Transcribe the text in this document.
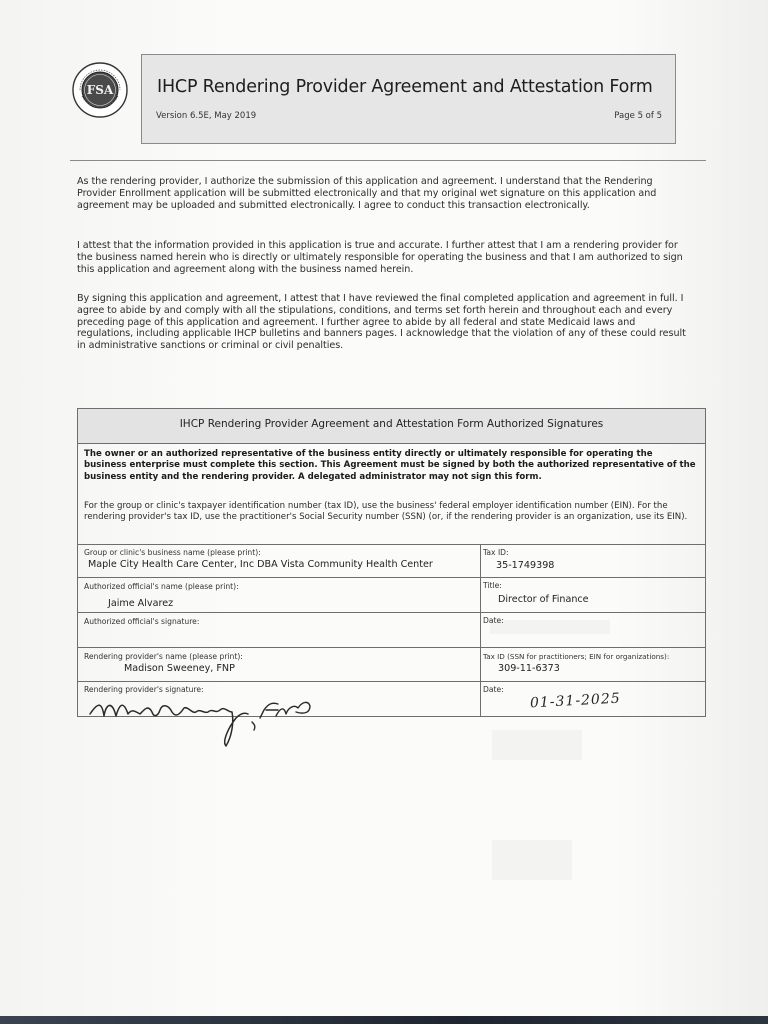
FSA	IHCP Rendering Provider Agreement and Attestation Form
Version 6.5E, May 2019	Page 5 of 5
As the rendering provider, I authorize the submission of this application and agreement. I understand that the Rendering Provider Enrollment application will be submitted electronically and that my original wet signature on this application and agreement may be uploaded and submitted electronically. I agree to conduct this transaction electronically.
I attest that the information provided in this application is true and accurate. I further attest that I am a rendering provider for the business named herein who is directly or ultimately responsible for operating the business and that I am authorized to sign this application and agreement along with the business named herein.
By signing this application and agreement, I attest that I have reviewed the final completed application and agreement in full. I agree to abide by and comply with all the stipulations, conditions, and terms set forth herein and throughout each and every preceding page of this application and agreement. I further agree to abide by all federal and state Medicaid laws and regulations, including applicable IHCP bulletins and banners pages. I acknowledge that the violation of any of these could result in administrative sanctions or criminal or civil penalties.
IHCP Rendering Provider Agreement and Attestation Form Authorized Signatures
The owner or an authorized representative of the business entity directly or ultimately responsible for operating the business enterprise must complete this section. This Agreement must be signed by both the authorized representative of the business entity and the rendering provider. A delegated administrator may not sign this form.
For the group or clinic's taxpayer identification number (tax ID), use the business' federal employer identification number (EIN). For the rendering provider's tax ID, use the practitioner's Social Security number (SSN) (or, if the rendering provider is an organization, use its EIN).
Group or clinic's business name (please print):
Maple City Health Care Center, Inc DBA Vista Community Health Center
Tax ID:
35-1749398
Authorized official's name (please print):
Jaime Alvarez
Title:
Director of Finance
Authorized official's signature:	Date:
Rendering provider's name (please print):
Madison Sweeney, FNP
Tax ID (SSN for practitioners; EIN for organizations):
309-11-6373
Rendering provider's signature:	Date:
01-31-2025
